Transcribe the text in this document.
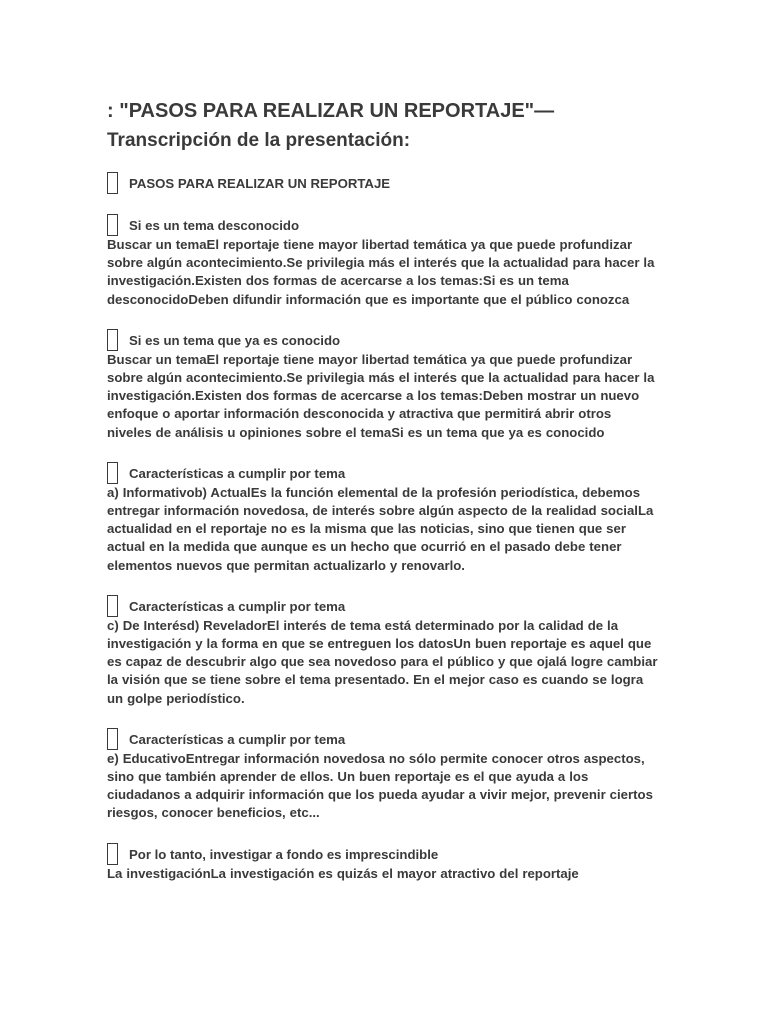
: "PASOS PARA REALIZAR UN REPORTAJE"—
Transcripción de la presentación:
PASOS PARA REALIZAR UN REPORTAJE
Si es un tema desconocido

Buscar un temaEl reportaje tiene mayor libertad temática ya que puede profundizar sobre algún acontecimiento.Se privilegia más el interés que la actualidad para hacer la investigación.Existen dos formas de acercarse a los temas:Si es un tema desconocidoDeben difundir información que es importante que el público conozca

Si es un tema que ya es conocido

Buscar un temaEl reportaje tiene mayor libertad temática ya que puede profundizar sobre algún acontecimiento.Se privilegia más el interés que la actualidad para hacer la investigación.Existen dos formas de acercarse a los temas:Deben mostrar un nuevo enfoque o aportar información desconocida y atractiva que permitirá abrir otros niveles de análisis u opiniones sobre el temaSi es un tema que ya es conocido

Características a cumplir por tema

a) Informativob) ActualEs la función elemental de la profesión periodística, debemos entregar información novedosa, de interés sobre algún aspecto de la realidad socialLa actualidad en el reportaje no es la misma que las noticias, sino que tienen que ser actual en la medida que aunque es un hecho que ocurrió en el pasado debe tener elementos nuevos que permitan actualizarlo y renovarlo.

Características a cumplir por tema

c) De Interésd) ReveladorEl interés de tema está determinado por la calidad de la investigación y la forma en que se entreguen los datosUn buen reportaje es aquel que es capaz de descubrir algo que sea novedoso para el público y que ojalá logre cambiar la visión que se tiene sobre el tema presentado. En el mejor caso es cuando se logra un golpe periodístico.

Características a cumplir por tema

e) EducativoEntregar información novedosa no sólo permite conocer otros aspectos, sino que también aprender de ellos. Un buen reportaje es el que ayuda a los ciudadanos a adquirir información que los pueda ayudar a vivir mejor, prevenir ciertos riesgos, conocer beneficios, etc...

Por lo tanto, investigar a fondo es imprescindible

La investigaciónLa investigación es quizás el mayor atractivo del reportaje
